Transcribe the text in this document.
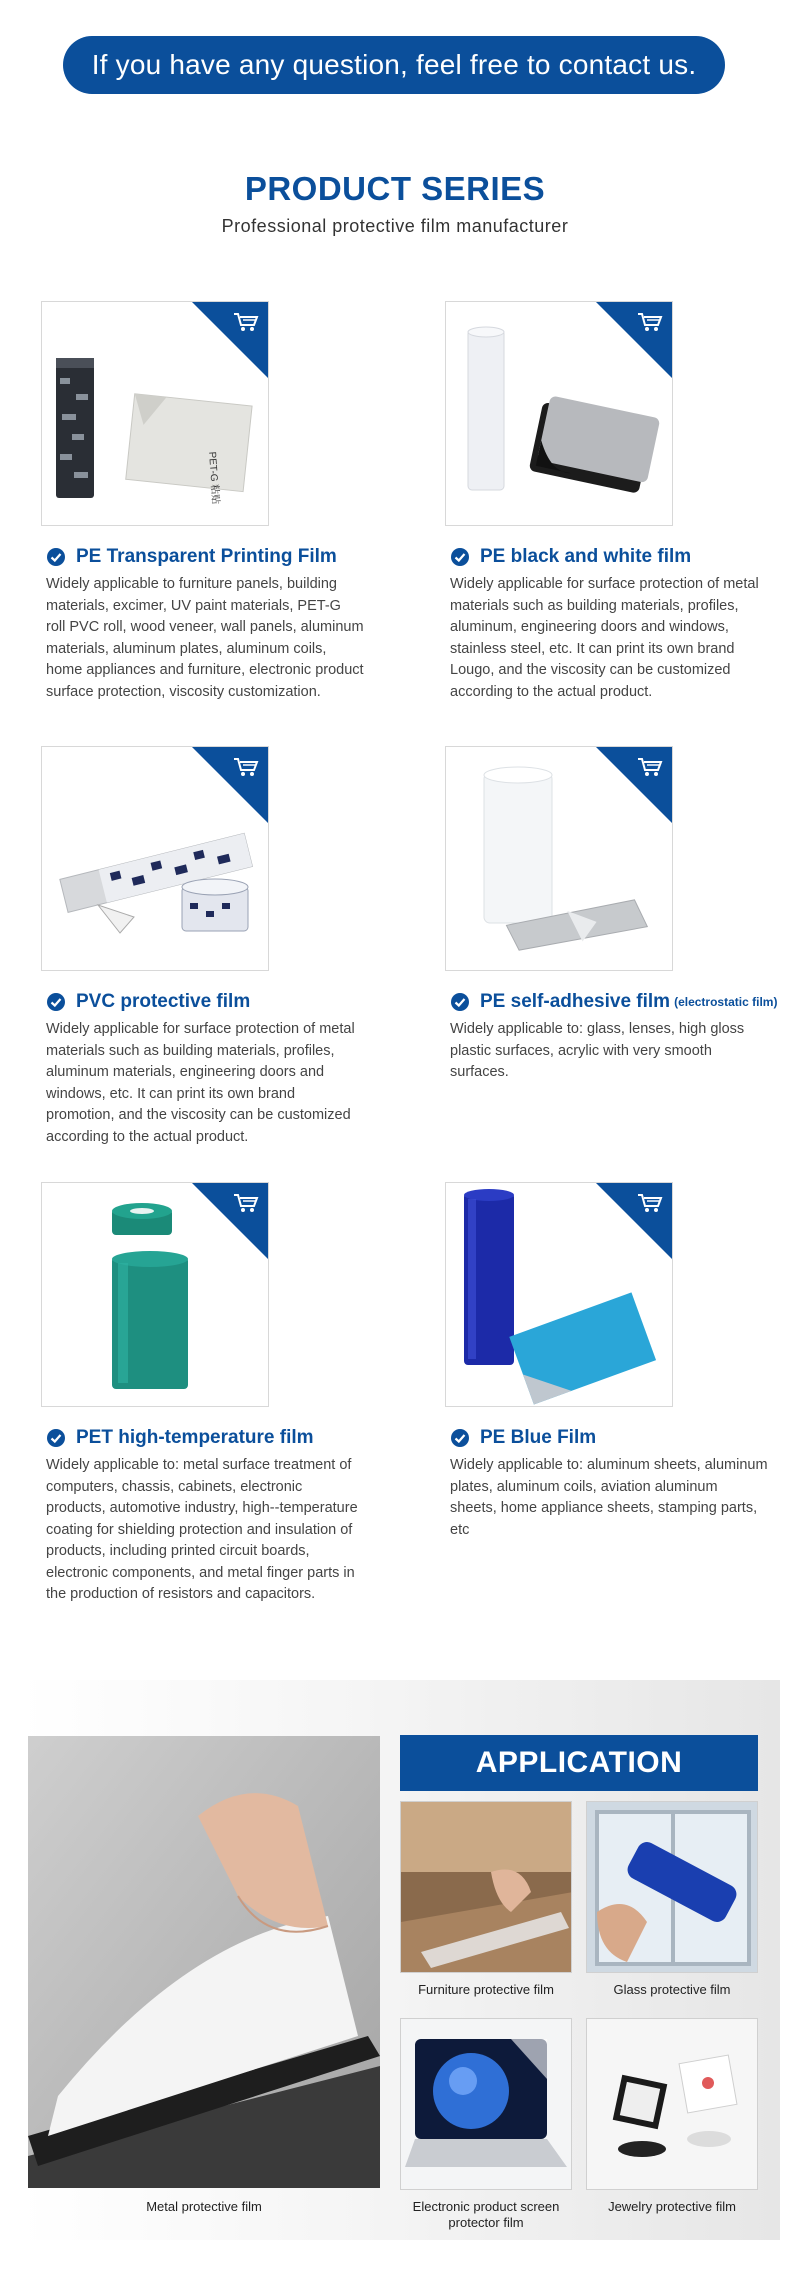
If you have any question, feel free to contact us.
PRODUCT SERIES
Professional protective film manufacturer
PET-G 粘贴
PE Transparent Printing Film
Widely applicable to furniture panels, building materials, excimer, UV paint materials, PET-G roll PVC roll, wood veneer, wall panels, aluminum materials, aluminum plates, aluminum coils, home appliances and furniture, electronic product surface protection, viscosity customization.
PE black and white film
Widely applicable for surface protection of metal materials such as building materials, profiles, aluminum, engineering doors and windows, stainless steel, etc. It can print its own brand Lougo, and the viscosity can be customized according to the actual product.
PVC protective film
Widely applicable for surface protection of metal materials such as building materials, profiles, aluminum materials, engineering doors and windows, etc. It can print its own brand promotion, and the viscosity can be customized according to the actual product.
PE self-adhesive film (electrostatic film)
Widely applicable to: glass, lenses, high gloss plastic surfaces, acrylic with very smooth surfaces.
PET high-temperature film
Widely applicable to: metal surface treatment of computers, chassis, cabinets, electronic products, automotive industry, high--temperature coating for shielding protection and insulation of products, including printed circuit boards, electronic components, and metal finger parts in the production of resistors and capacitors.
PE Blue Film
Widely applicable to: aluminum sheets, aluminum plates, aluminum coils, aviation aluminum sheets, home appliance sheets, stamping parts, etc
Metal protective film
APPLICATION
Furniture protective film	Glass protective film
Electronic product screen protector film
Jewelry protective film
